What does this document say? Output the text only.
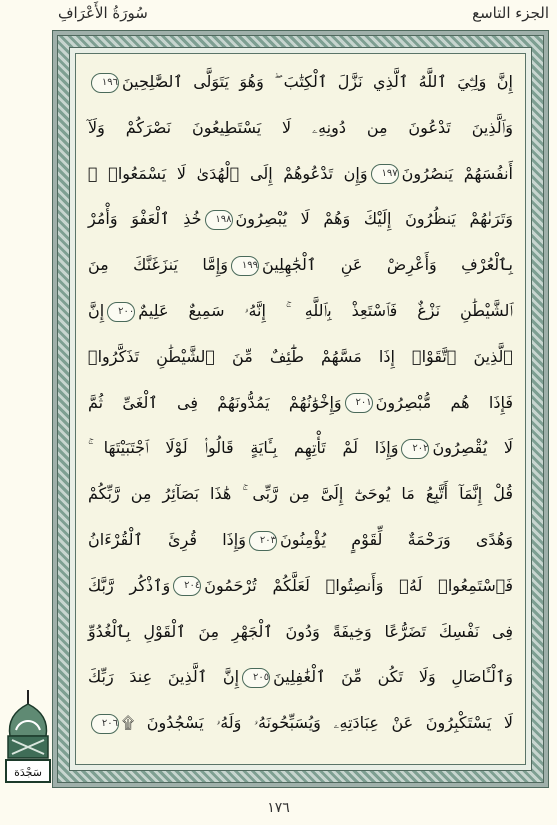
سُورَةُ الأَعْرَافِ	الجزء التاسع
إِنَّ وَلِـِّۧيَ ٱللَّهُ ٱلَّذِي نَزَّلَ ٱلْكِتَٰبَ ۖ وَهُوَ يَتَوَلَّى ٱلصَّٰلِحِينَ١٩٦
وَٱلَّذِينَ تَدْعُونَ مِن دُونِهِۦ لَا يَسْتَطِيعُونَ نَصْرَكُمْ وَلَآ
أَنفُسَهُمْ يَنصُرُونَ١٩٧وَإِن تَدْعُوهُمْ إِلَى ٱلْهُدَىٰ لَا يَسْمَعُوا۟ ۖ
وَتَرَىٰهُمْ يَنظُرُونَ إِلَيْكَ وَهُمْ لَا يُبْصِرُونَ١٩٨خُذِ ٱلْعَفْوَ وَأْمُرْ
بِٱلْعُرْفِ وَأَعْرِضْ عَنِ ٱلْجَٰهِلِينَ١٩٩وَإِمَّا يَنزَغَنَّكَ مِنَ
ٱلشَّيْطَٰنِ نَزْغٌ فَٱسْتَعِذْ بِٱللَّهِ ۚ إِنَّهُۥ سَمِيعٌ عَلِيمٌ٢٠٠إِنَّ
ٱلَّذِينَ ٱتَّقَوْا۟ إِذَا مَسَّهُمْ طَٰٓئِفٌ مِّنَ ٱلشَّيْطَٰنِ تَذَكَّرُوا۟
فَإِذَا هُم مُّبْصِرُونَ٢٠١وَإِخْوَٰنُهُمْ يَمُدُّونَهُمْ فِى ٱلْغَىِّ ثُمَّ
لَا يُقْصِرُونَ٢٠٢وَإِذَا لَمْ تَأْتِهِم بِـَٔايَةٍ قَالُوا۟ لَوْلَا ٱجْتَبَيْتَهَا ۚ
قُلْ إِنَّمَآ أَتَّبِعُ مَا يُوحَىٰٓ إِلَىَّ مِن رَّبِّى ۚ هَٰذَا بَصَآئِرُ مِن رَّبِّكُمْ
وَهُدًى وَرَحْمَةٌ لِّقَوْمٍ يُؤْمِنُونَ٢٠٣وَإِذَا قُرِئَ ٱلْقُرْءَانُ
فَٱسْتَمِعُوا۟ لَهُۥ وَأَنصِتُوا۟ لَعَلَّكُمْ تُرْحَمُونَ٢٠٤وَٱذْكُر رَّبَّكَ
فِى نَفْسِكَ تَضَرُّعًا وَخِيفَةً وَدُونَ ٱلْجَهْرِ مِنَ ٱلْقَوْلِ بِٱلْغُدُوِّ
وَٱلْـَٔاصَالِ وَلَا تَكُن مِّنَ ٱلْغَٰفِلِينَ٢٠٥إِنَّ ٱلَّذِينَ عِندَ رَبِّكَ
لَا يَسْتَكْبِرُونَ عَنْ عِبَادَتِهِۦ وَيُسَبِّحُونَهُۥ وَلَهُۥ يَسْجُدُونَ ۩٢٠٦
سَجْدَة
١٧٦
